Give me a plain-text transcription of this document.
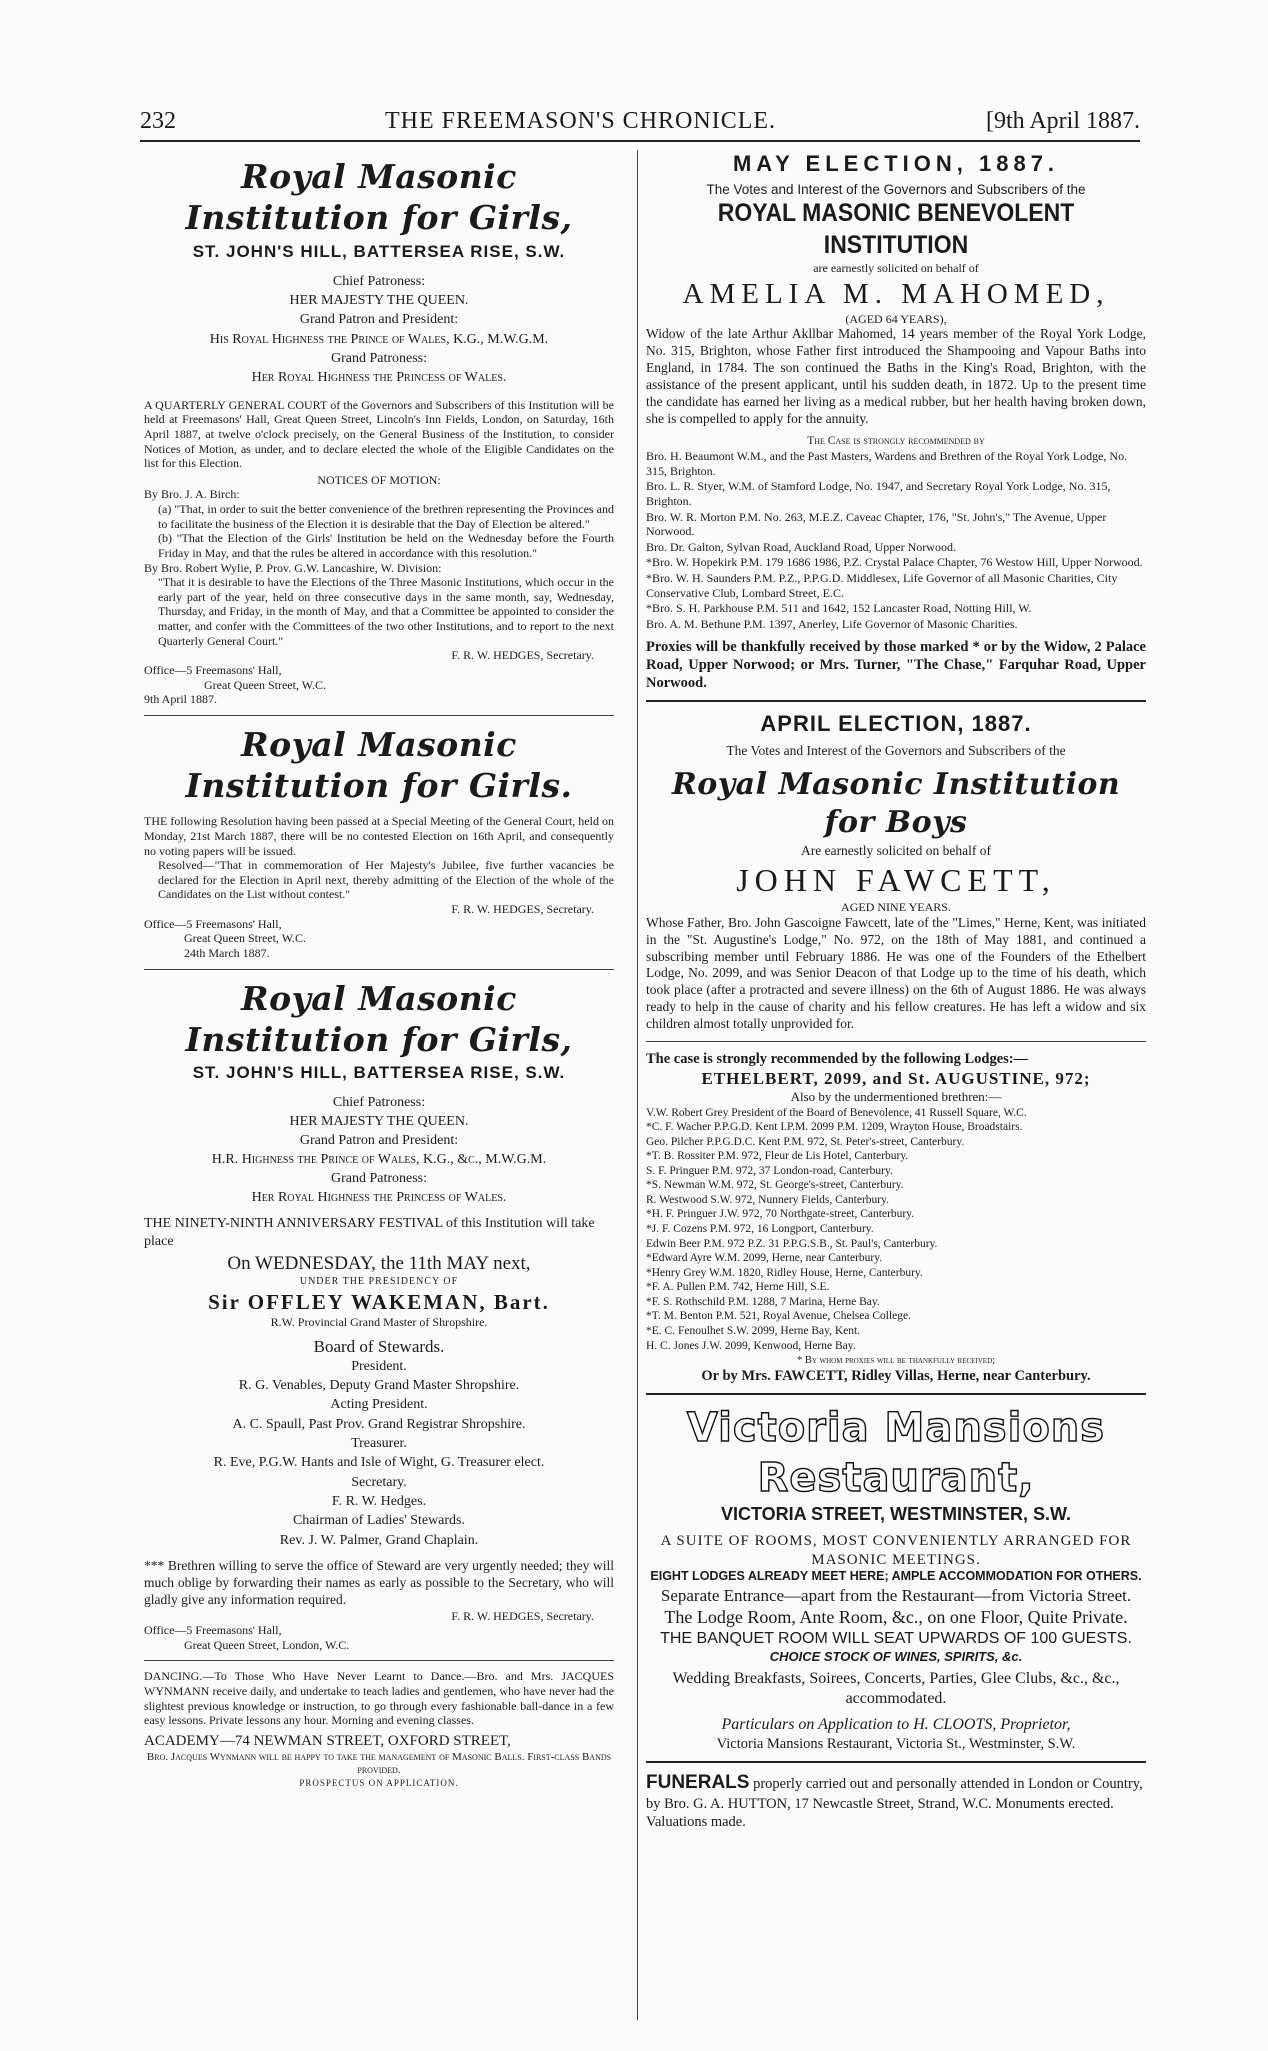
232	THE FREEMASON'S CHRONICLE.	[9th April 1887.
Royal Masonic Institution for Girls,
ST. JOHN'S HILL, BATTERSEA RISE, S.W.
Chief Patroness:
HER MAJESTY THE QUEEN.
Grand Patron and President:
His Royal Highness the Prince of Wales, K.G., M.W.G.M.
Grand Patroness:
Her Royal Highness the Princess of Wales.

A QUARTERLY GENERAL COURT of the Governors and Subscribers of this Institution will be held at Freemasons' Hall, Great Queen Street, Lincoln's Inn Fields, London, on Saturday, 16th April 1887, at twelve o'clock precisely, on the General Business of the Institution, to consider Notices of Motion, as under, and to declare elected the whole of the Eligible Candidates on the list for this Election.

NOTICES OF MOTION:
By Bro. J. A. Birch:
(a) "That, in order to suit the better convenience of the brethren representing the Provinces and to facilitate the business of the Election it is desirable that the Day of Election be altered."
(b) "That the Election of the Girls' Institution be held on the Wednesday before the Fourth Friday in May, and that the rules be altered in accordance with this resolution."
By Bro. Robert Wylie, P. Prov. G.W. Lancashire, W. Division:
"That it is desirable to have the Elections of the Three Masonic Institutions, which occur in the early part of the year, held on three consecutive days in the same month, say, Wednesday, Thursday, and Friday, in the month of May, and that a Committee be appointed to consider the matter, and confer with the Committees of the two other Institutions, and to report to the next Quarterly General Court."
F. R. W. HEDGES, Secretary.
Office—5 Freemasons' Hall,
Great Queen Street, W.C.
9th April 1887.
Royal Masonic Institution for Girls.

THE following Resolution having been passed at a Special Meeting of the General Court, held on Monday, 21st March 1887, there will be no contested Election on 16th April, and consequently no voting papers will be issued.

Resolved—"That in commemoration of Her Majesty's Jubilee, five further vacancies be declared for the Election in April next, thereby admitting of the Election of the whole of the Candidates on the List without contest."

F. R. W. HEDGES, Secretary.
Office—5 Freemasons' Hall,
Great Queen Street, W.C.
24th March 1887.
Royal Masonic Institution for Girls,
ST. JOHN'S HILL, BATTERSEA RISE, S.W.
Chief Patroness:
HER MAJESTY THE QUEEN.
Grand Patron and President:
H.R. Highness the Prince of Wales, K.G., &c., M.W.G.M.
Grand Patroness:
Her Royal Highness the Princess of Wales.

THE NINETY-NINTH ANNIVERSARY FESTIVAL of this Institution will take place

On WEDNESDAY, the 11th MAY next,
UNDER THE PRESIDENCY OF
Sir OFFLEY WAKEMAN, Bart.
R.W. Provincial Grand Master of Shropshire.
Board of Stewards.
President.
R. G. Venables, Deputy Grand Master Shropshire.
Acting President.
A. C. Spaull, Past Prov. Grand Registrar Shropshire.
Treasurer.
R. Eve, P.G.W. Hants and Isle of Wight, G. Treasurer elect.
Secretary.
F. R. W. Hedges.
Chairman of Ladies' Stewards.
Rev. J. W. Palmer, Grand Chaplain.

*** Brethren willing to serve the office of Steward are very urgently needed; they will much oblige by forwarding their names as early as possible to the Secretary, who will gladly give any information required.

F. R. W. HEDGES, Secretary.
Office—5 Freemasons' Hall,
Great Queen Street, London, W.C.

DANCING.—To Those Who Have Never Learnt to Dance.—Bro. and Mrs. JACQUES WYNMANN receive daily, and undertake to teach ladies and gentlemen, who have never had the slightest previous knowledge or instruction, to go through every fashionable ball-dance in a few easy lessons. Private lessons any hour. Morning and evening classes.

ACADEMY—74 NEWMAN STREET, OXFORD STREET,
Bro. Jacques Wynmann will be happy to take the management of Masonic Balls. First-class Bands provided.
PROSPECTUS ON APPLICATION.
MAY ELECTION, 1887.
The Votes and Interest of the Governors and Subscribers of the
ROYAL MASONIC BENEVOLENT INSTITUTION
are earnestly solicited on behalf of
AMELIA M. MAHOMED,
(AGED 64 YEARS),

Widow of the late Arthur Akllbar Mahomed, 14 years member of the Royal York Lodge, No. 315, Brighton, whose Father first introduced the Shampooing and Vapour Baths into England, in 1784. The son continued the Baths in the King's Road, Brighton, with the assistance of the present applicant, until his sudden death, in 1872. Up to the present time the candidate has earned her living as a medical rubber, but her health having broken down, she is compelled to apply for the annuity.

The Case is strongly recommended by
Bro. H. Beaumont W.M., and the Past Masters, Wardens and Brethren of the Royal York Lodge, No. 315, Brighton.
Bro. L. R. Styer, W.M. of Stamford Lodge, No. 1947, and Secretary Royal York Lodge, No. 315, Brighton.
Bro. W. R. Morton P.M. No. 263, M.E.Z. Caveac Chapter, 176, "St. John's," The Avenue, Upper Norwood.
Bro. Dr. Galton, Sylvan Road, Auckland Road, Upper Norwood.
*Bro. W. Hopekirk P.M. 179 1686 1986, P.Z. Crystal Palace Chapter, 76 Westow Hill, Upper Norwood.
*Bro. W. H. Saunders P.M. P.Z., P.P.G.D. Middlesex, Life Governor of all Masonic Charities, City Conservative Club, Lombard Street, E.C.
*Bro. S. H. Parkhouse P.M. 511 and 1642, 152 Lancaster Road, Notting Hill, W.
Bro. A. M. Bethune P.M. 1397, Anerley, Life Governor of Masonic Charities.

Proxies will be thankfully received by those marked * or by the Widow, 2 Palace Road, Upper Norwood; or Mrs. Turner, "The Chase," Farquhar Road, Upper Norwood.

APRIL ELECTION, 1887.
The Votes and Interest of the Governors and Subscribers of the
Royal Masonic Institution for Boys
Are earnestly solicited on behalf of
JOHN FAWCETT,
AGED NINE YEARS.

Whose Father, Bro. John Gascoigne Fawcett, late of the "Limes," Herne, Kent, was initiated in the "St. Augustine's Lodge," No. 972, on the 18th of May 1881, and continued a subscribing member until February 1886. He was one of the Founders of the Ethelbert Lodge, No. 2099, and was Senior Deacon of that Lodge up to the time of his death, which took place (after a protracted and severe illness) on the 6th of August 1886. He was always ready to help in the cause of charity and his fellow creatures. He has left a widow and six children almost totally unprovided for.

The case is strongly recommended by the following Lodges:—
ETHELBERT, 2099, and St. AUGUSTINE, 972;
Also by the undermentioned brethren:—
V.W. Robert Grey President of the Board of Benevolence, 41 Russell Square, W.C.
*C. F. Wacher P.P.G.D. Kent I.P.M. 2099 P.M. 1209, Wrayton House, Broadstairs.
Geo. Pilcher P.P.G.D.C. Kent P.M. 972, St. Peter's-street, Canterbury.
*T. B. Rossiter P.M. 972, Fleur de Lis Hotel, Canterbury.
S. F. Pringuer P.M. 972, 37 London-road, Canterbury.
*S. Newman W.M. 972, St. George's-street, Canterbury.
R. Westwood S.W. 972, Nunnery Fields, Canterbury.
*H. F. Pringuer J.W. 972, 70 Northgate-street, Canterbury.
*J. F. Cozens P.M. 972, 16 Longport, Canterbury.
Edwin Beer P.M. 972 P.Z. 31 P.P.G.S.B., St. Paul's, Canterbury.
*Edward Ayre W.M. 2099, Herne, near Canterbury.
*Henry Grey W.M. 1820, Ridley House, Herne, Canterbury.
*F. A. Pullen P.M. 742, Herne Hill, S.E.
*F. S. Rothschild P.M. 1288, 7 Marina, Herne Bay.
*T. M. Benton P.M. 521, Royal Avenue, Chelsea College.
*E. C. Fenoulhet S.W. 2099, Herne Bay, Kent.
H. C. Jones J.W. 2099, Kenwood, Herne Bay.
* By whom proxies will be thankfully received;
Or by Mrs. FAWCETT, Ridley Villas, Herne, near Canterbury.
Victoria Mansions Restaurant,
VICTORIA STREET, WESTMINSTER, S.W.
A SUITE OF ROOMS, MOST CONVENIENTLY ARRANGED FOR MASONIC MEETINGS.
EIGHT LODGES ALREADY MEET HERE; AMPLE ACCOMMODATION FOR OTHERS.
Separate Entrance—apart from the Restaurant—from Victoria Street.
The Lodge Room, Ante Room, &c., on one Floor, Quite Private.
THE BANQUET ROOM WILL SEAT UPWARDS OF 100 GUESTS.
CHOICE STOCK OF WINES, SPIRITS, &c.
Wedding Breakfasts, Soirees, Concerts, Parties, Glee Clubs, &c., &c., accommodated.
Particulars on Application to H. CLOOTS, Proprietor,
Victoria Mansions Restaurant, Victoria St., Westminster, S.W.
FUNERALS properly carried out and personally attended in London or Country, by Bro. G. A. HUTTON, 17 Newcastle Street, Strand, W.C. Monuments erected. Valuations made.
